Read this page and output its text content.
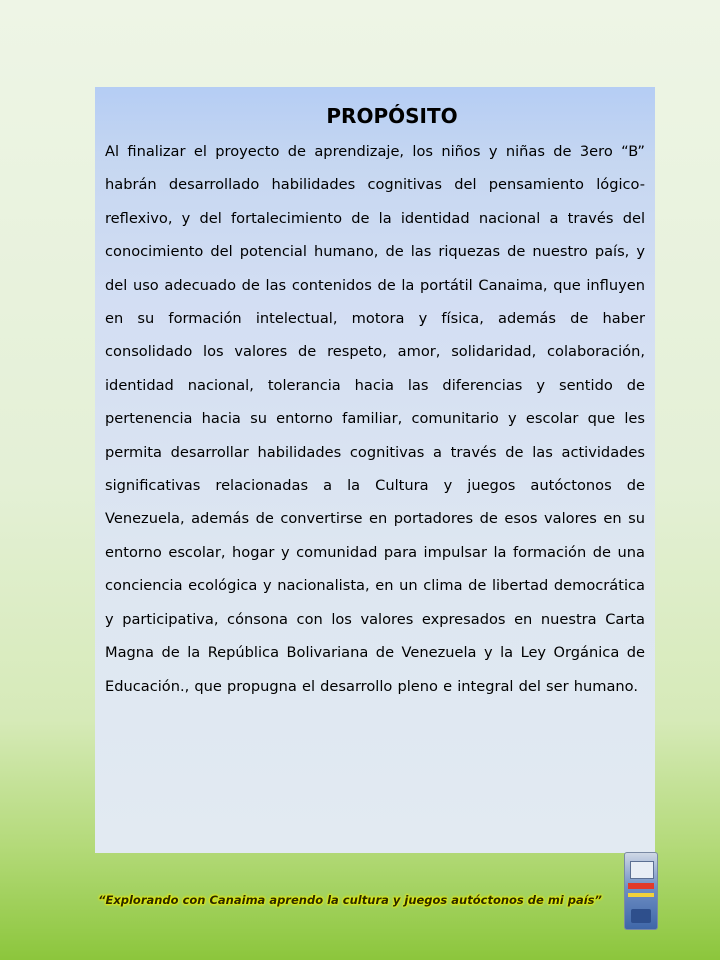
PROPÓSITO

Al finalizar el proyecto de aprendizaje, los niños y niñas de 3ero “B” habrán desarrollado habilidades cognitivas del pensamiento lógico-reflexivo, y del fortalecimiento de la identidad nacional a través del conocimiento del potencial humano, de las riquezas de nuestro país, y del uso adecuado de las contenidos de la portátil Canaima, que influyen en su formación intelectual, motora y física, además de haber consolidado los valores de respeto, amor, solidaridad, colaboración, identidad nacional, tolerancia hacia las diferencias y sentido de pertenencia hacia su entorno familiar, comunitario y escolar que les permita desarrollar habilidades cognitivas a través de las actividades significativas relacionadas a la Cultura y juegos autóctonos de Venezuela, además de convertirse en portadores de esos valores en su entorno escolar, hogar y comunidad para impulsar la formación de una conciencia ecológica y nacionalista, en un clima de libertad democrática y participativa, cónsona con los valores expresados en nuestra Carta Magna de la República Bolivariana de Venezuela y la Ley Orgánica de Educación., que propugna el desarrollo pleno e integral del ser humano.

“Explorando con Canaima aprendo la cultura y juegos autóctonos de mi país”
